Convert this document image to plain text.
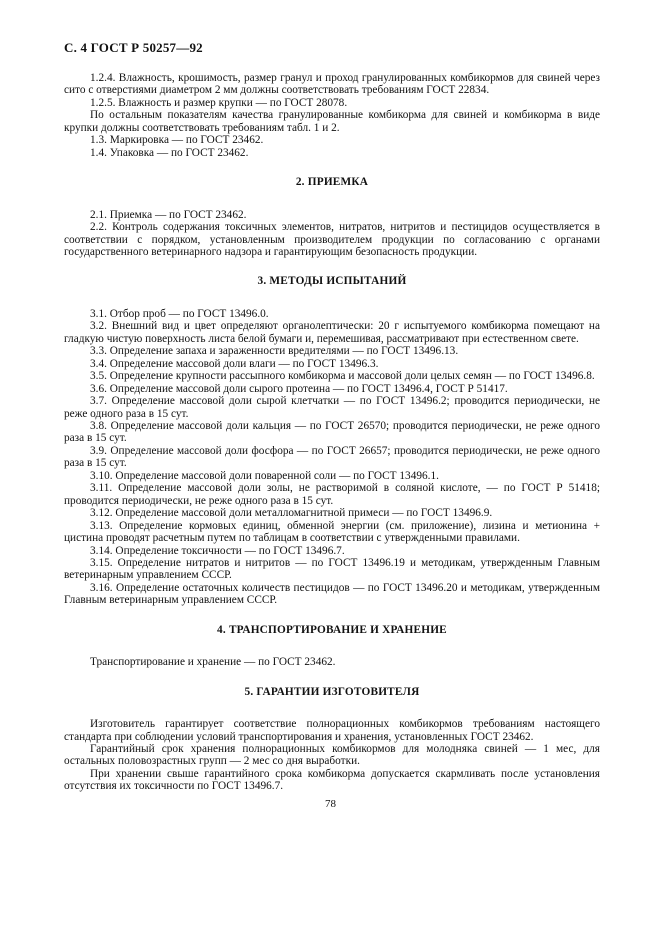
С. 4 ГОСТ Р 50257—92

1.2.4. Влажность, крошимость, размер гранул и проход гранулированных комбикормов для свиней через сито с отверстиями диаметром 2 мм должны соответствовать требованиям ГОСТ 22834.

1.2.5. Влажность и размер крупки — по ГОСТ 28078.

По остальным показателям качества гранулированные комбикорма для свиней и комбикорма в виде крупки должны соответствовать требованиям табл. 1 и 2.

1.3. Маркировка — по ГОСТ 23462.

1.4. Упаковка — по ГОСТ 23462.

2. ПРИЕМКА

2.1. Приемка — по ГОСТ 23462.

2.2. Контроль содержания токсичных элементов, нитратов, нитритов и пестицидов осуществляется в соответствии с порядком, установленным производителем продукции по согласованию с органами государственного ветеринарного надзора и гарантирующим безопасность продукции.

3. МЕТОДЫ ИСПЫТАНИЙ

3.1. Отбор проб — по ГОСТ 13496.0.

3.2. Внешний вид и цвет определяют органолептически: 20 г испытуемого комбикорма помещают на гладкую чистую поверхность листа белой бумаги и, перемешивая, рассматривают при естественном свете.

3.3. Определение запаха и зараженности вредителями — по ГОСТ 13496.13.

3.4. Определение массовой доли влаги — по ГОСТ 13496.3.

3.5. Определение крупности рассыпного комбикорма и массовой доли целых семян — по ГОСТ 13496.8.

3.6. Определение массовой доли сырого протеина — по ГОСТ 13496.4, ГОСТ Р 51417.

3.7. Определение массовой доли сырой клетчатки — по ГОСТ 13496.2; проводится периодически, не реже одного раза в 15 сут.

3.8. Определение массовой доли кальция — по ГОСТ 26570; проводится периодически, не реже одного раза в 15 сут.

3.9. Определение массовой доли фосфора — по ГОСТ 26657; проводится периодически, не реже одного раза в 15 сут.

3.10. Определение массовой доли поваренной соли — по ГОСТ 13496.1.

3.11. Определение массовой доли золы, не растворимой в соляной кислоте, — по ГОСТ Р 51418; проводится периодически, не реже одного раза в 15 сут.

3.12. Определение массовой доли металломагнитной примеси — по ГОСТ 13496.9.

3.13. Определение кормовых единиц, обменной энергии (см. приложение), лизина и метионина + цистина проводят расчетным путем по таблицам в соответствии с утвержденными правилами.

3.14. Определение токсичности — по ГОСТ 13496.7.

3.15. Определение нитратов и нитритов — по ГОСТ 13496.19 и методикам, утвержденным Главным ветеринарным управлением СССР.

3.16. Определение остаточных количеств пестицидов — по ГОСТ 13496.20 и методикам, утвержденным Главным ветеринарным управлением СССР.

4. ТРАНСПОРТИРОВАНИЕ И ХРАНЕНИЕ

Транспортирование и хранение — по ГОСТ 23462.

5. ГАРАНТИИ ИЗГОТОВИТЕЛЯ

Изготовитель гарантирует соответствие полнорационных комбикормов требованиям настоящего стандарта при соблюдении условий транспортирования и хранения, установленных ГОСТ 23462.

Гарантийный срок хранения полнорационных комбикормов для молодняка свиней — 1 мес, для остальных половозрастных групп — 2 мес со дня выработки.

При хранении свыше гарантийного срока комбикорма допускается скармливать после установления отсутствия их токсичности по ГОСТ 13496.7.

78
